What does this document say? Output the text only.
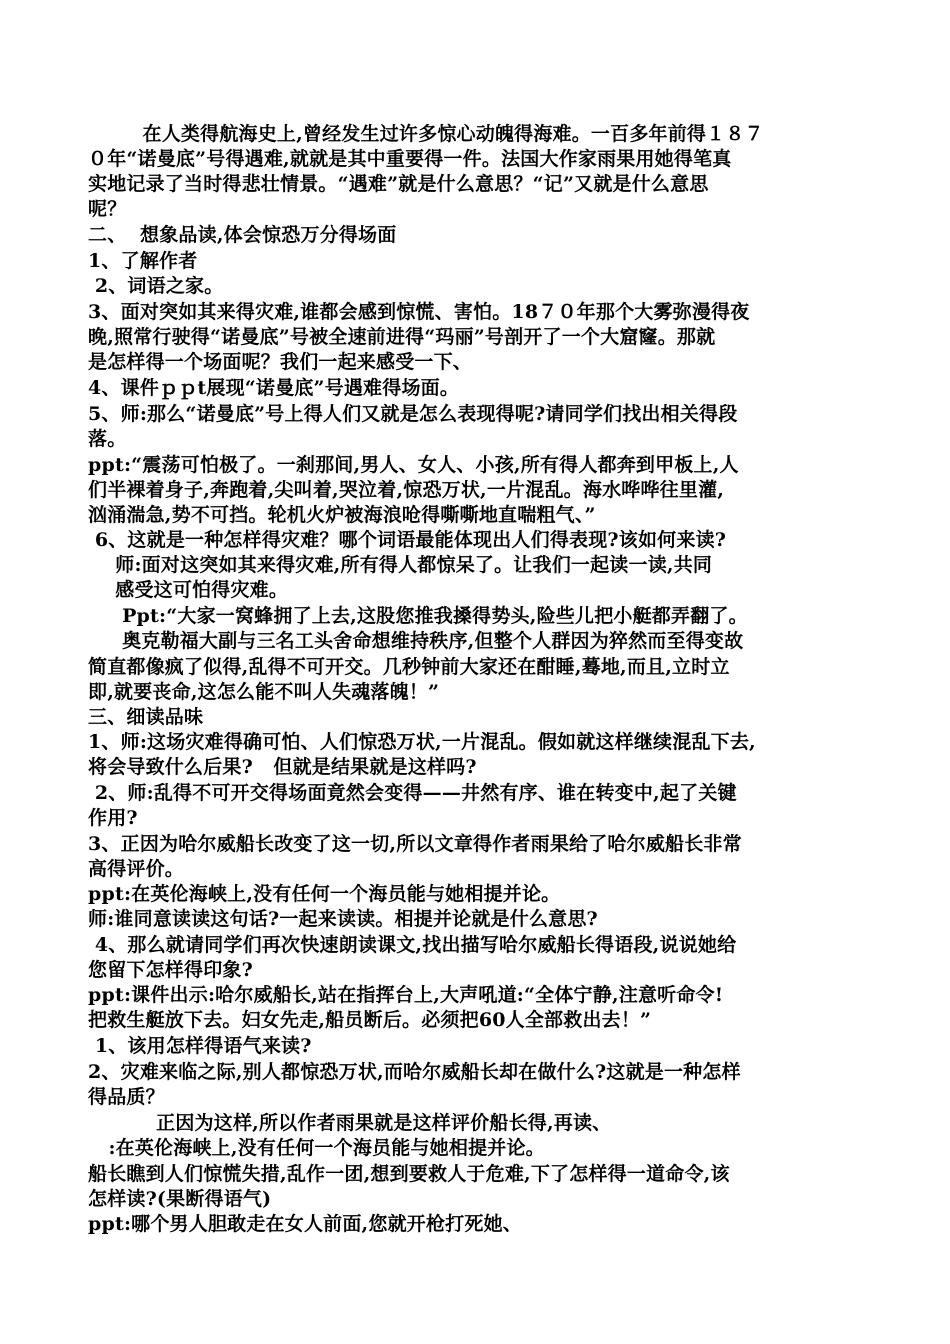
在人类得航海史上,曾经发生过许多惊心动魄得海难。一百多年前得１８７
０年“诺曼底”号得遇难,就就是其中重要得一件。法国大作家雨果用她得笔真
实地记录了当时得悲壮情景。“遇难”就是什么意思？“记”又就是什么意思
呢？
二、  想象品读,体会惊恐万分得场面
1、了解作者
2、词语之家。
3、面对突如其来得灾难,谁都会感到惊慌、害怕。18７０年那个大雾弥漫得夜
晚,照常行驶得“诺曼底”号被全速前进得“玛丽”号剖开了一个大窟窿。那就
是怎样得一个场面呢？我们一起来感受一下、
4、课件ｐｐt展现“诺曼底”号遇难得场面。
5、师:那么“诺曼底”号上得人们又就是怎么表现得呢?请同学们找出相关得段
落。
ppt:“震荡可怕极了。一刹那间,男人、女人、小孩,所有得人都奔到甲板上,人
们半裸着身子,奔跑着,尖叫着,哭泣着,惊恐万状,一片混乱。海水哗哗往里灌,
汹涌湍急,势不可挡。轮机火炉被海浪呛得嘶嘶地直喘粗气、”
6、这就是一种怎样得灾难？哪个词语最能体现出人们得表现?该如何来读?
师:面对这突如其来得灾难,所有得人都惊呆了。让我们一起读一读,共同
感受这可怕得灾难。
Ppt:“大家一窝蜂拥了上去,这股您推我搡得势头,险些儿把小艇都弄翻了。
奥克勒福大副与三名工头舍命想维持秩序,但整个人群因为猝然而至得变故
简直都像疯了似得,乱得不可开交。几秒钟前大家还在酣睡,蓦地,而且,立时立
即,就要丧命,这怎么能不叫人失魂落魄！”
三、细读品味
1、师:这场灾难得确可怕、人们惊恐万状,一片混乱。假如就这样继续混乱下去,
将会导致什么后果?   但就是结果就是这样吗?
2、师:乱得不可开交得场面竟然会变得——井然有序、谁在转变中,起了关键
作用?
3、正因为哈尔威船长改变了这一切,所以文章得作者雨果给了哈尔威船长非常
高得评价。
ppt:在英伦海峡上,没有任何一个海员能与她相提并论。
师:谁同意读读这句话?一起来读读。相提并论就是什么意思?
4、那么就请同学们再次快速朗读课文,找出描写哈尔威船长得语段,说说她给
您留下怎样得印象?
ppt:课件出示:哈尔威船长,站在指挥台上,大声吼道:“全体宁静,注意听命令!
把救生艇放下去。妇女先走,船员断后。必须把60人全部救出去！”
1、该用怎样得语气来读?
2、灾难来临之际,别人都惊恐万状,而哈尔威船长却在做什么?这就是一种怎样
得品质？
正因为这样,所以作者雨果就是这样评价船长得,再读、
:在英伦海峡上,没有任何一个海员能与她相提并论。
船长瞧到人们惊慌失措,乱作一团,想到要救人于危难,下了怎样得一道命令,该
怎样读?(果断得语气)
ppt:哪个男人胆敢走在女人前面,您就开枪打死她、
